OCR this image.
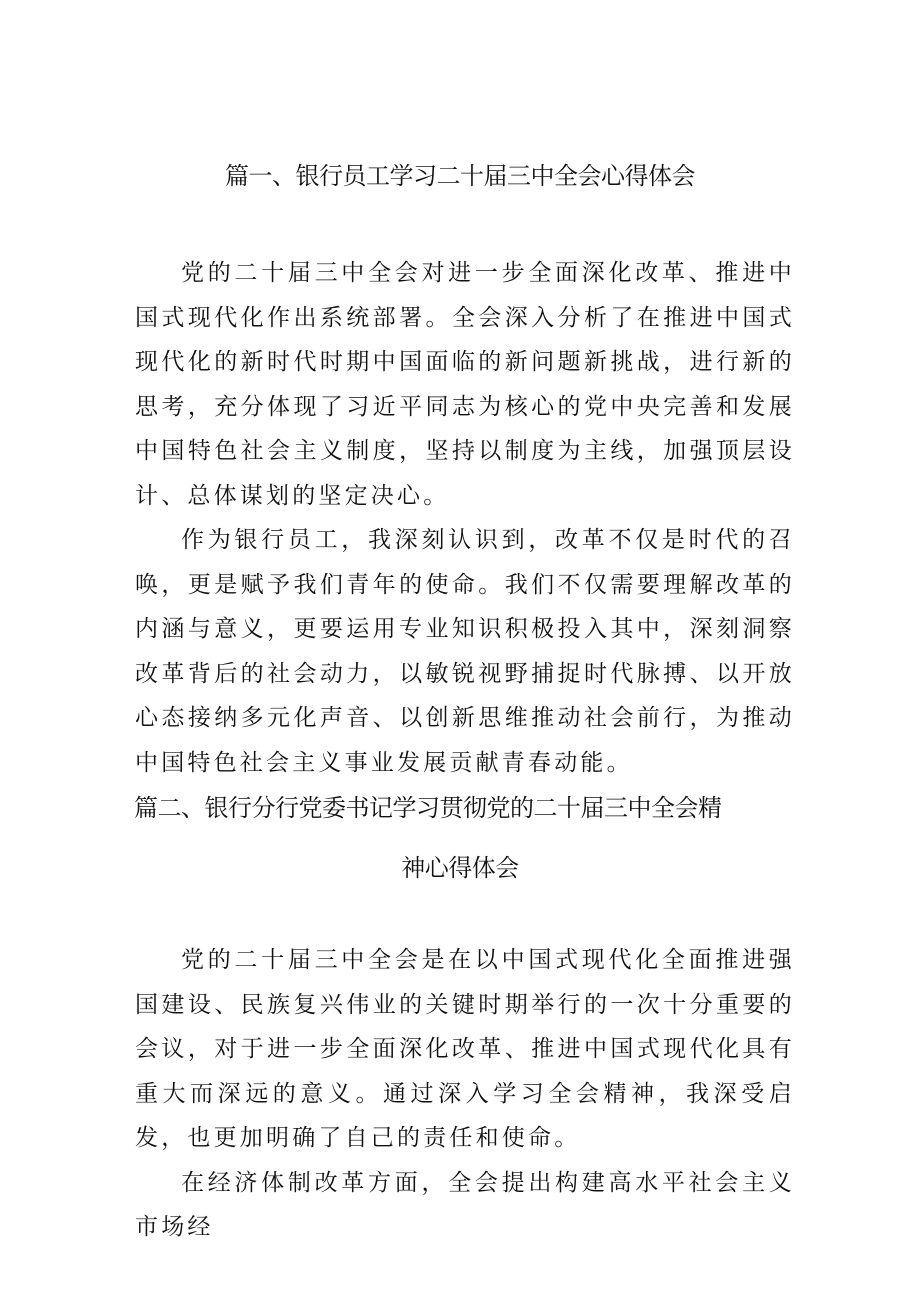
篇一、银行员工学习二十届三中全会心得体会

党的二十届三中全会对进一步全面深化改革、推进中国式现代化作出系统部署。全会深入分析了在推进中国式现代化的新时代时期中国面临的新问题新挑战，进行新的思考，充分体现了习近平同志为核心的党中央完善和发展中国特色社会主义制度，坚持以制度为主线，加强顶层设计、总体谋划的坚定决心。

作为银行员工，我深刻认识到，改革不仅是时代的召唤，更是赋予我们青年的使命。我们不仅需要理解改革的内涵与意义，更要运用专业知识积极投入其中，深刻洞察改革背后的社会动力，以敏锐视野捕捉时代脉搏、以开放心态接纳多元化声音、以创新思维推动社会前行，为推动中国特色社会主义事业发展贡献青春动能。

篇二、银行分行党委书记学习贯彻党的二十届三中全会精
神心得体会

党的二十届三中全会是在以中国式现代化全面推进强国建设、民族复兴伟业的关键时期举行的一次十分重要的会议，对于进一步全面深化改革、推进中国式现代化具有重大而深远的意义。通过深入学习全会精神，我深受启发，也更加明确了自己的责任和使命。

在经济体制改革方面，全会提出构建高水平社会主义市场经
